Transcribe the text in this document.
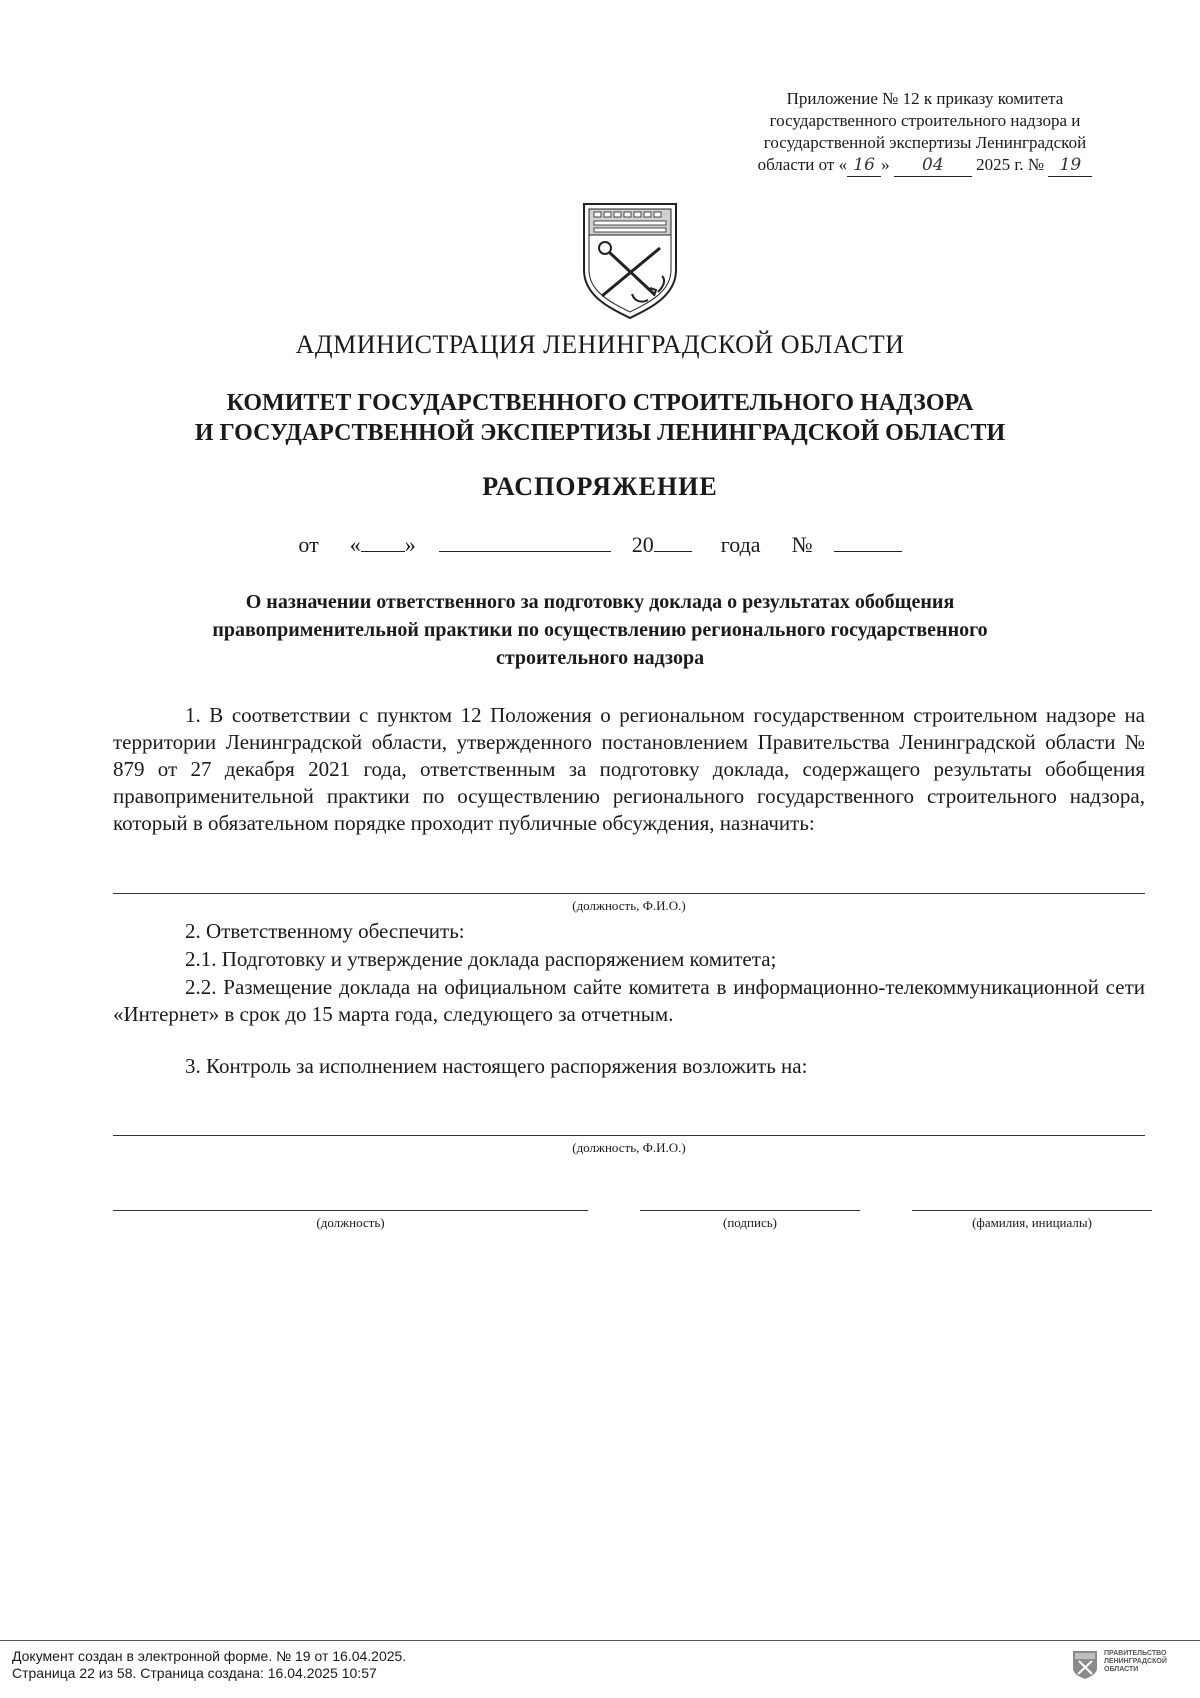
Приложение № 12 к приказу комитета
государственного строительного надзора и
государственной экспертизы Ленинградской
области от « 16 » 04 2025 г. № 19
АДМИНИСТРАЦИЯ ЛЕНИНГРАДСКОЙ ОБЛАСТИ
КОМИТЕТ ГОСУДАРСТВЕННОГО СТРОИТЕЛЬНОГО НАДЗОРА
И ГОСУДАРСТВЕННОЙ ЭКСПЕРТИЗЫ ЛЕНИНГРАДСКОЙ ОБЛАСТИ
РАСПОРЯЖЕНИЕ
от « »	20	года №
О назначении ответственного за подготовку доклада о результатах обобщения
правоприменительной практики по осуществлению регионального государственного
строительного надзора
1. В соответствии с пунктом 12 Положения о региональном государственном строительном надзоре на территории Ленинградской области, утвержденного постановлением Правительства Ленинградской области № 879 от 27 декабря 2021 года, ответственным за подготовку доклада, содержащего результаты обобщения правоприменительной практики по осуществлению регионального государственного строительного надзора, который в обязательном порядке проходит публичные обсуждения, назначить:
(должность, Ф.И.О.)
2. Ответственному обеспечить:
2.1. Подготовку и утверждение доклада распоряжением комитета;
2.2. Размещение доклада на официальном сайте комитета в информационно-телекоммуникационной сети «Интернет» в срок до 15 марта года, следующего за отчетным.
3. Контроль за исполнением настоящего распоряжения возложить на:
(должность, Ф.И.О.)
(должность)	(подпись)	(фамилия, инициалы)
Документ создан в электронной форме. № 19 от 16.04.2025.
Страница 22 из 58. Страница создана: 16.04.2025 10:57
ПРАВИТЕЛЬСТВО
ЛЕНИНГРАДСКОЙ
ОБЛАСТИ
